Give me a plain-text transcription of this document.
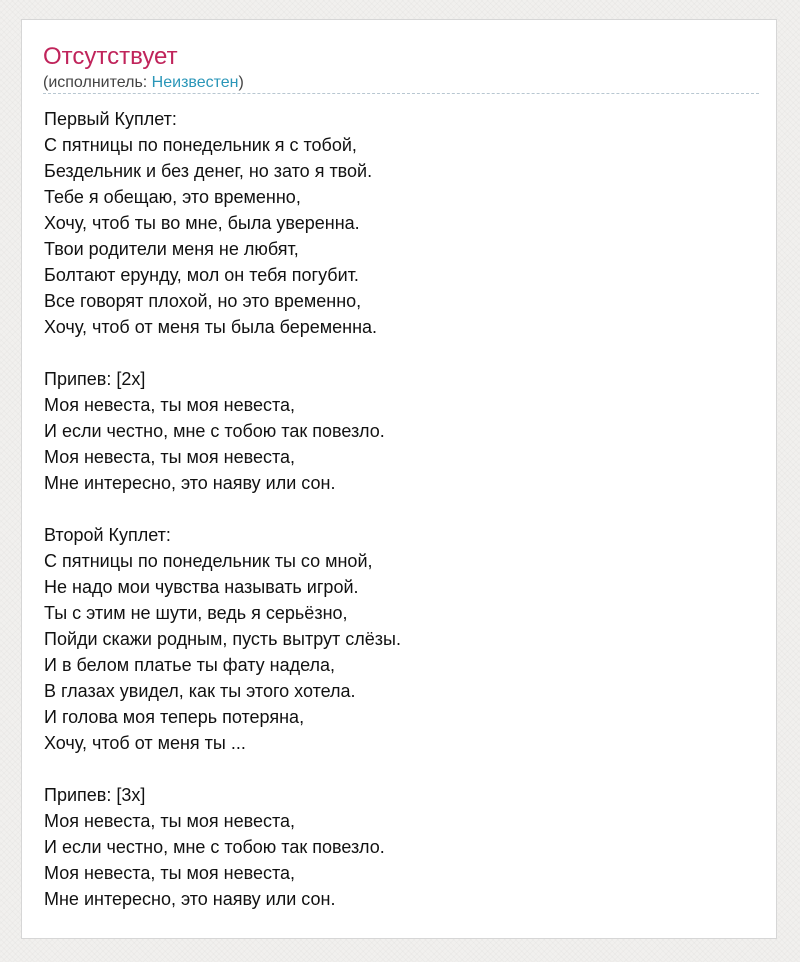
Отсутствует
(исполнитель: Неизвестен)
Первый Куплет:
С пятницы по понедельник я с тобой,
Бездельник и без денег, но зато я твой.
Тебе я обещаю, это временно,
Хочу, чтоб ты во мне, была уверенна.
Твои родители меня не любят,
Болтают ерунду, мол он тебя погубит.
Все говорят плохой, но это временно,
Хочу, чтоб от меня ты была беременна.
Припев: [2x]
Моя невеста, ты моя невеста,
И если честно, мне с тобою так повезло.
Моя невеста, ты моя невеста,
Мне интересно, это наяву или сон.
Второй Куплет:
С пятницы по понедельник ты со мной,
Не надо мои чувства называть игрой.
Ты с этим не шути, ведь я серьёзно,
Пойди скажи родным, пусть вытрут слёзы.
И в белом платье ты фату надела,
В глазах увидел, как ты этого хотела.
И голова моя теперь потеряна,
Хочу, чтоб от меня ты ...
Припев: [3x]
Моя невеста, ты моя невеста,
И если честно, мне с тобою так повезло.
Моя невеста, ты моя невеста,
Мне интересно, это наяву или сон.
